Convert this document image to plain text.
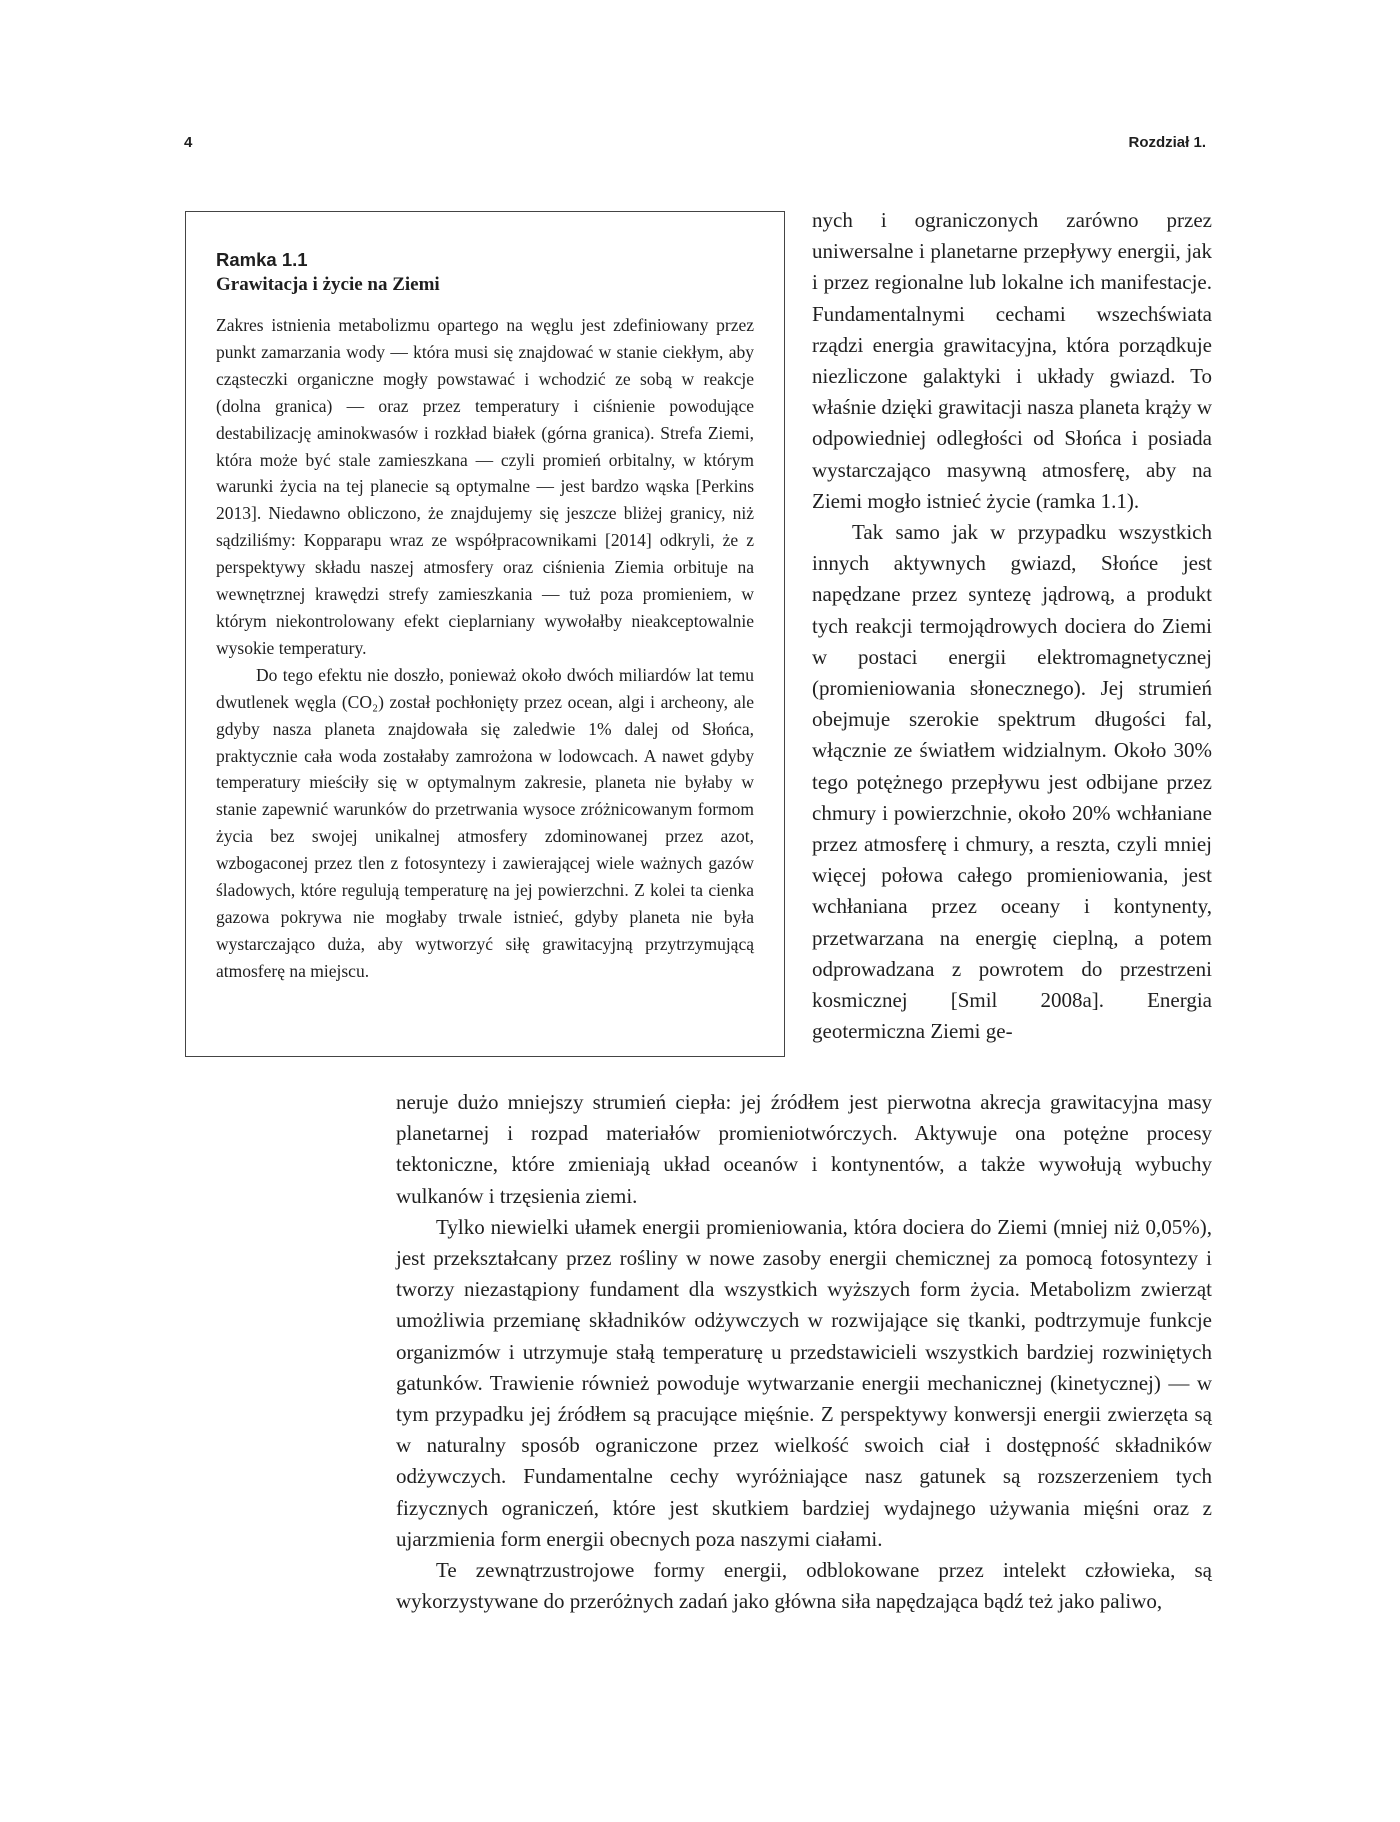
4	Rozdział 1.
Ramka 1.1
Grawitacja i życie na Ziemi

Zakres istnienia metabolizmu opartego na węglu jest zdefiniowany przez punkt zamarzania wody — która musi się znajdować w stanie ciekłym, aby cząsteczki organiczne mogły powstawać i wchodzić ze sobą w reakcje (dolna granica) — oraz przez temperatury i ciśnienie powodujące destabilizację aminokwasów i rozkład białek (górna granica). Strefa Ziemi, która może być stale zamieszkana — czyli promień orbitalny, w którym warunki życia na tej planecie są optymalne — jest bardzo wąska [Perkins 2013]. Niedawno obliczono, że znajdujemy się jeszcze bliżej granicy, niż sądziliśmy: Kopparapu wraz ze współpracownikami [2014] odkryli, że z perspektywy składu naszej atmosfery oraz ciśnienia Ziemia orbituje na wewnętrznej krawędzi strefy zamieszkania — tuż poza promieniem, w którym niekontrolowany efekt cieplarniany wywołałby nieakceptowalnie wysokie temperatury.

Do tego efektu nie doszło, ponieważ około dwóch miliardów lat temu dwutlenek węgla (CO₂) został pochłonięty przez ocean, algi i archeony, ale gdyby nasza planeta znajdowała się zaledwie 1% dalej od Słońca, praktycznie cała woda zostałaby zamrożona w lodowcach. A nawet gdyby temperatury mieściły się w optymalnym zakresie, planeta nie byłaby w stanie zapewnić warunków do przetrwania wysoce zróżnicowanym formom życia bez swojej unikalnej atmosfery zdominowanej przez azot, wzbogaconej przez tlen z fotosyntezy i zawierającej wiele ważnych gazów śladowych, które regulują temperaturę na jej powierzchni. Z kolei ta cienka gazowa pokrywa nie mogłaby trwale istnieć, gdyby planeta nie była wystarczająco duża, aby wytworzyć siłę grawitacyjną przytrzymującą atmosferę na miejscu.

nych i ograniczonych zarówno przez uniwersalne i planetarne przepływy energii, jak i przez regionalne lub lokalne ich manifestacje. Fundamentalnymi cechami wszechświata rządzi energia grawitacyjna, która porządkuje niezliczone galaktyki i układy gwiazd. To właśnie dzięki grawitacji nasza planeta krąży w odpowiedniej odległości od Słońca i posiada wystarczająco masywną atmosferę, aby na Ziemi mogło istnieć życie (ramka 1.1).

Tak samo jak w przypadku wszystkich innych aktywnych gwiazd, Słońce jest napędzane przez syntezę jądrową, a produkt tych reakcji termojądrowych dociera do Ziemi w postaci energii elektromagnetycznej (promieniowania słonecznego). Jej strumień obejmuje szerokie spektrum długości fal, włącznie ze światłem widzialnym. Około 30% tego potężnego przepływu jest odbijane przez chmury i powierzchnie, około 20% wchłaniane przez atmosferę i chmury, a reszta, czyli mniej więcej połowa całego promieniowania, jest wchłaniana przez oceany i kontynenty, przetwarzana na energię cieplną, a potem odprowadzana z powrotem do przestrzeni kosmicznej [Smil 2008a]. Energia geotermiczna Ziemi ge-

neruje dużo mniejszy strumień ciepła: jej źródłem jest pierwotna akrecja grawitacyjna masy planetarnej i rozpad materiałów promieniotwórczych. Aktywuje ona potężne procesy tektoniczne, które zmieniają układ oceanów i kontynentów, a także wywołują wybuchy wulkanów i trzęsienia ziemi.

Tylko niewielki ułamek energii promieniowania, która dociera do Ziemi (mniej niż 0,05%), jest przekształcany przez rośliny w nowe zasoby energii chemicznej za pomocą fotosyntezy i tworzy niezastąpiony fundament dla wszystkich wyższych form życia. Metabolizm zwierząt umożliwia przemianę składników odżywczych w rozwijające się tkanki, podtrzymuje funkcje organizmów i utrzymuje stałą temperaturę u przedstawicieli wszystkich bardziej rozwiniętych gatunków. Trawienie również powoduje wytwarzanie energii mechanicznej (kinetycznej) — w tym przypadku jej źródłem są pracujące mięśnie. Z perspektywy konwersji energii zwierzęta są w naturalny sposób ograniczone przez wielkość swoich ciał i dostępność składników odżywczych. Fundamentalne cechy wyróżniające nasz gatunek są rozszerzeniem tych fizycznych ograniczeń, które jest skutkiem bardziej wydajnego używania mięśni oraz z ujarzmienia form energii obecnych poza naszymi ciałami.

Te zewnątrzustrojowe formy energii, odblokowane przez intelekt człowieka, są wykorzystywane do przeróżnych zadań jako główna siła napędzająca bądź też jako paliwo,
